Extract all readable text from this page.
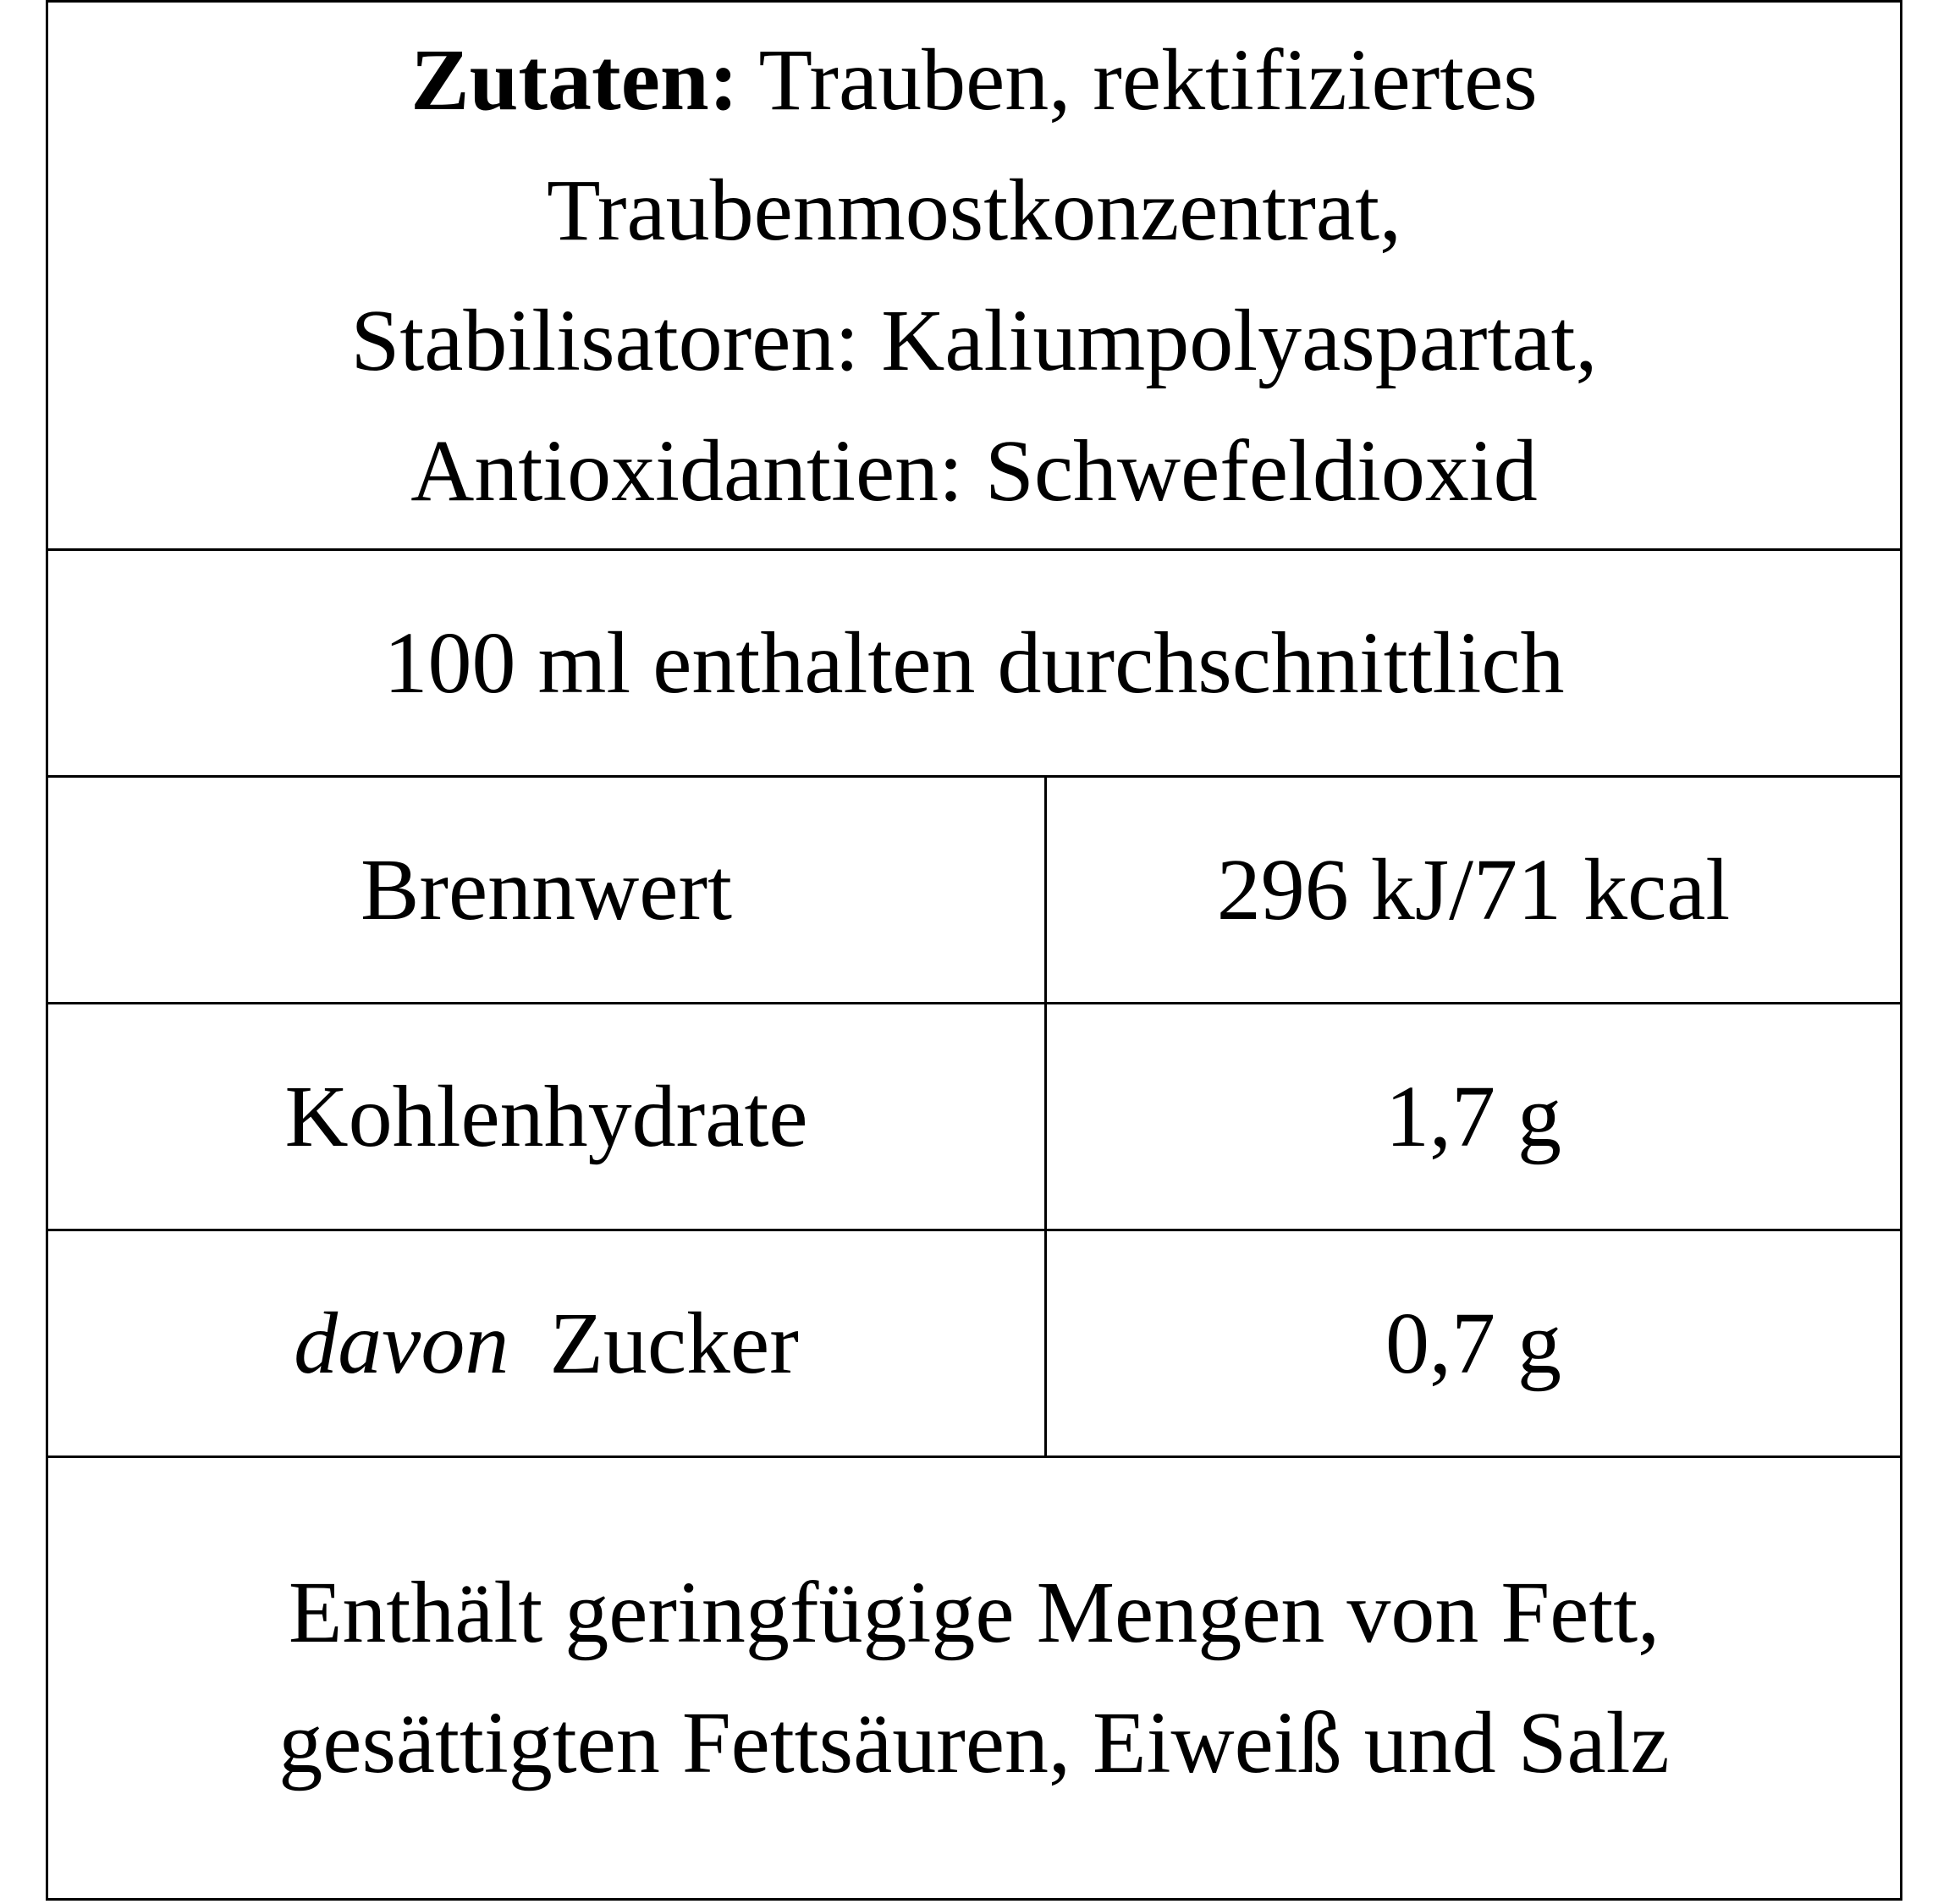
Zutaten: Trauben, rektifiziertes
Traubenmostkonzentrat,
Stabilisatoren: Kaliumpolyaspartat,
Antioxidantien: Schwefeldioxid
100 ml enthalten durchschnittlich
Brennwert	296 kJ/71 kcal
Kohlenhydrate	1,7 g
davon Zucker	0,7 g
Enthält geringfügige Mengen von Fett,
gesättigten Fettsäuren, Eiweiß und Salz
